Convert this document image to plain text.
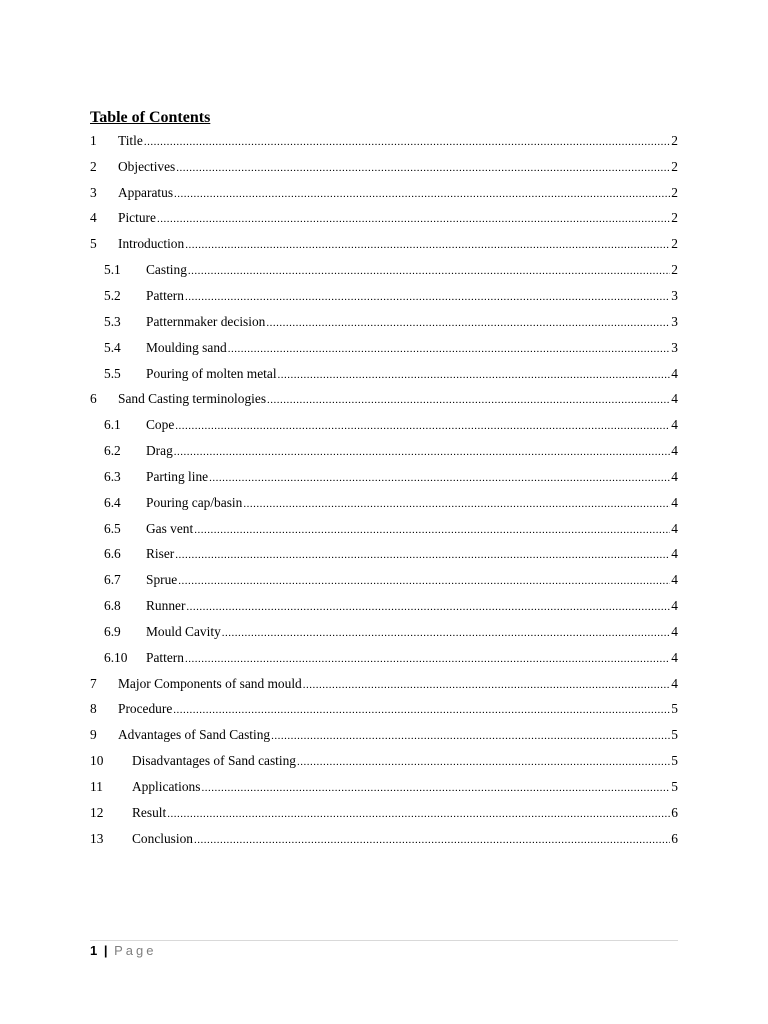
Table of Contents
1 Title .....	2
2 Objectives .....	2
3 Apparatus .....	2
4 Picture .....	2
5 Introduction .....	2
5.1 Casting .....	2
5.2 Pattern .....	3
5.3 Patternmaker decision .....	3
5.4 Moulding sand .....	3
5.5 Pouring of molten metal .....	4
6 Sand Casting terminologies .....	4
6.1 Cope .....	4
6.2 Drag .....	4
6.3 Parting line .....	4
6.4 Pouring cap/basin .....	4
6.5 Gas vent .....	4
6.6 Riser .....	4
6.7 Sprue .....	4
6.8 Runner .....	4
6.9 Mould Cavity .....	4
6.10 Pattern .....	4
7 Major Components of sand mould .....	4
8 Procedure .....	5
9 Advantages of Sand Casting .....	5
10 Disadvantages of Sand casting .....	5
11 Applications .....	5
12 Result .....	6
13 Conclusion .....	6
1 | Page
